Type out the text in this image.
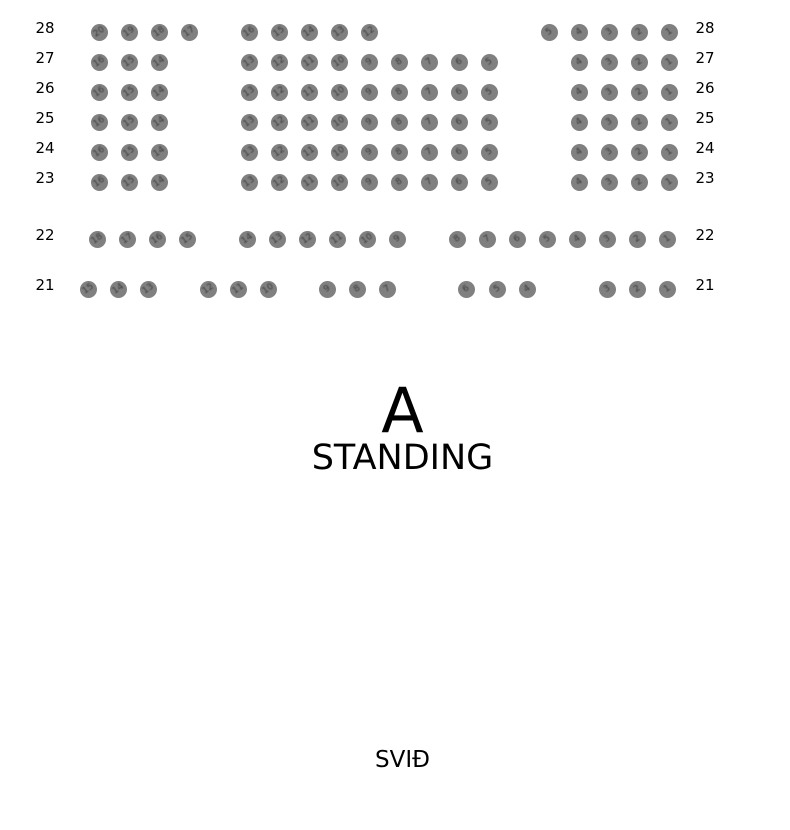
28	28
20	19	18	17	16	15	14	13	12	5	4	3	2	1
27	27
16	15	14	13	12	11	10	9	8	7	6	5	4	3	2	1
26	26
16	15	14	13	12	11	10	9	8	7	6	5	4	3	2	1
25	25
16	15	14	13	12	11	10	9	8	7	6	5	4	3	2	1
24	24
16	15	14	13	12	11	10	9	8	7	6	5	4	3	2	1
23	23
16	15	14	13	12	11	10	9	8	7	6	5	4	3	2	1
22	22
18	17	16	15	14	13	12	11	10	9	8	7	6	5	4	3	2	1
21	21
15	14	13	12	11	10	9	8	7	6	5	4	3	2	1
A
STANDING
SVIÐ
